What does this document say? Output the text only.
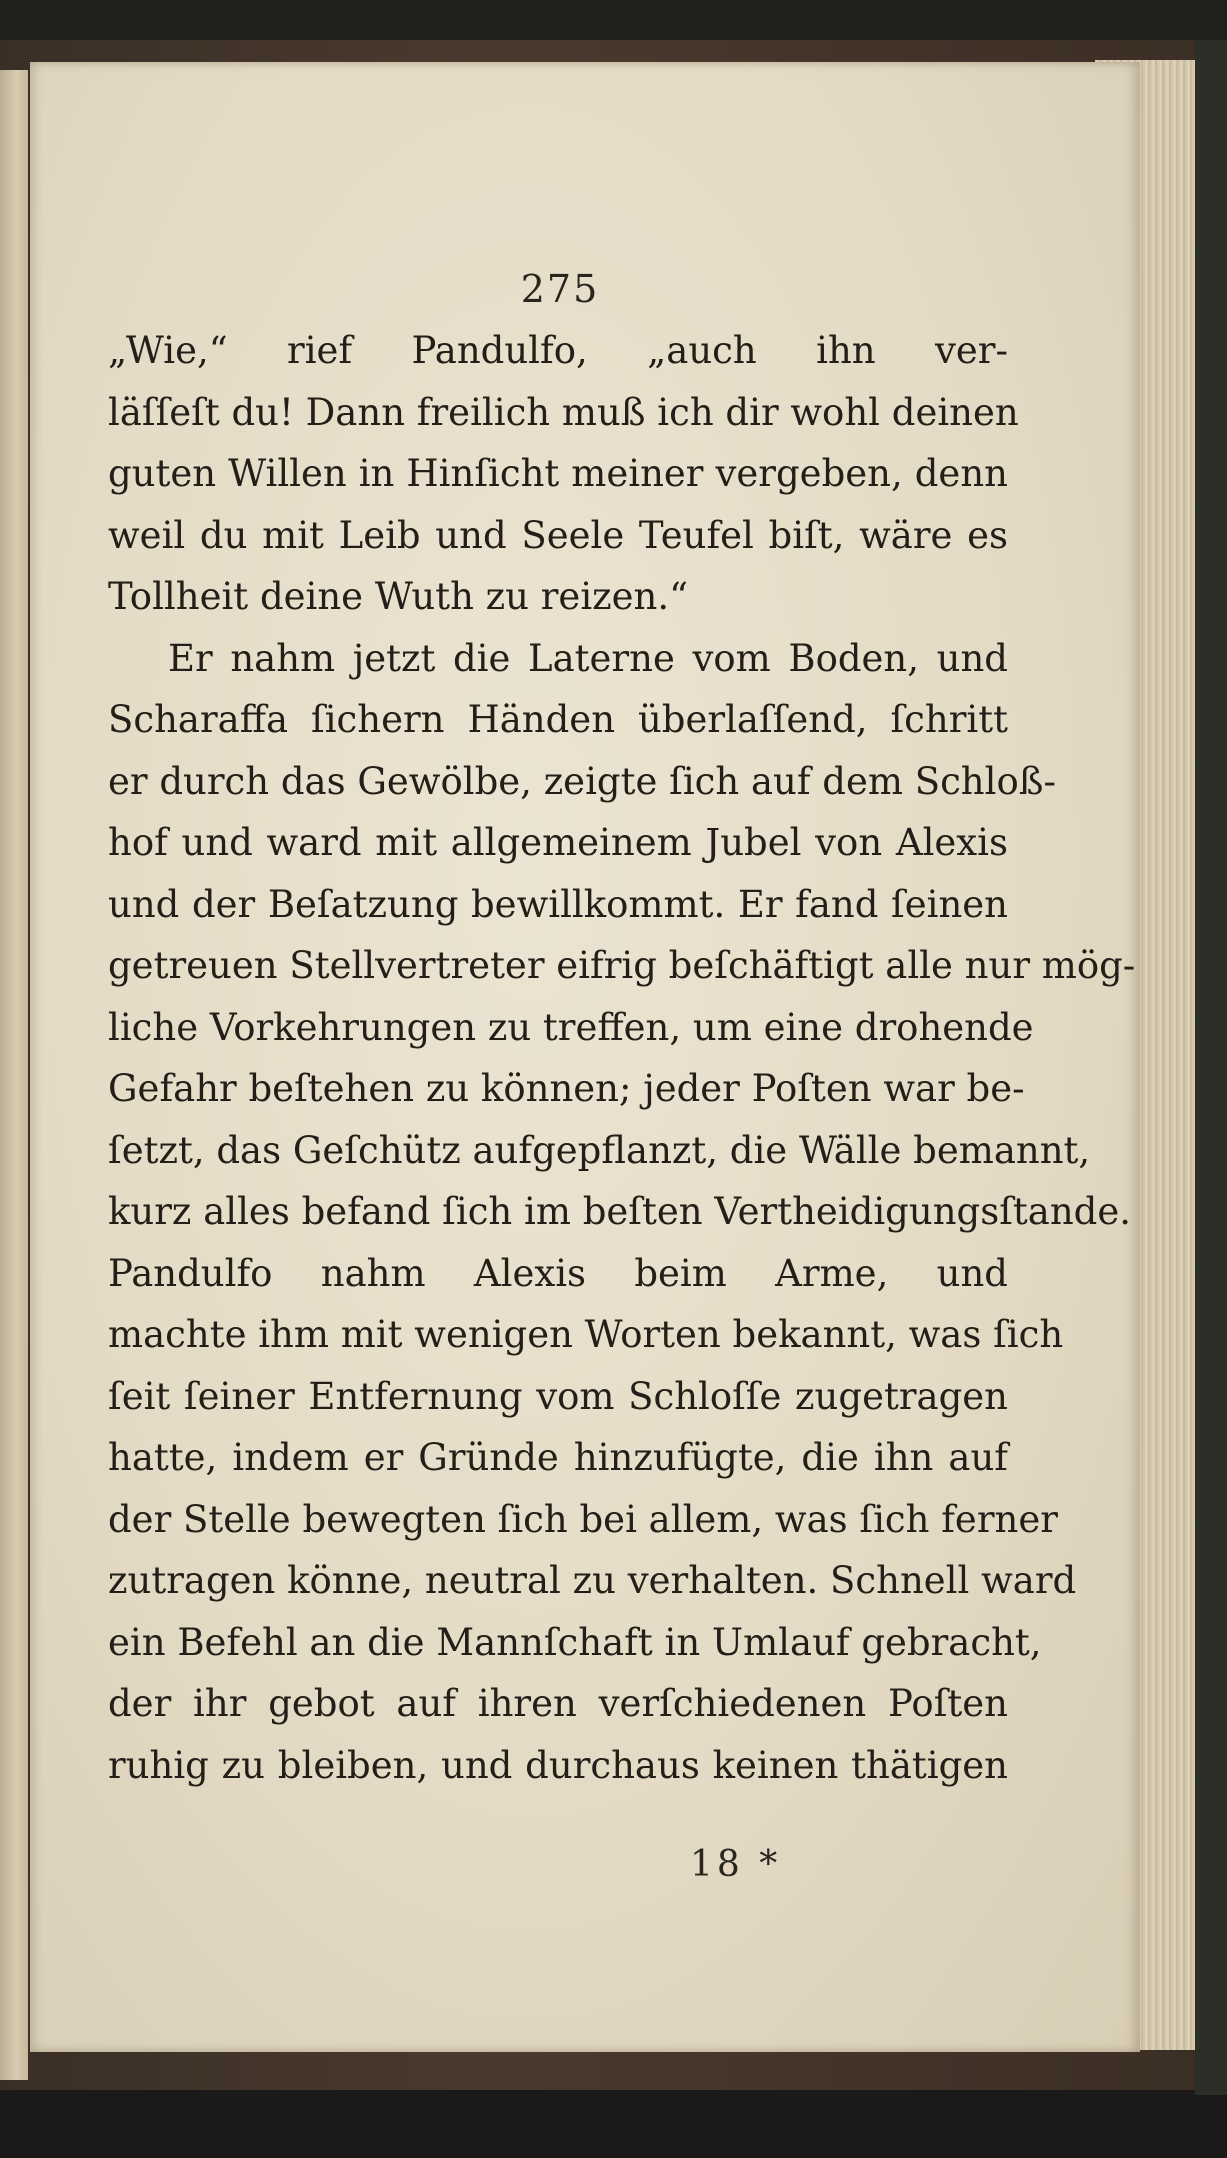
275
„Wie,“ rief Pandulfo, „auch ihn ver-
läſſeſt du! Dann freilich muß ich dir wohl deinen
guten Willen in Hinſicht meiner vergeben, denn
weil du mit Leib und Seele Teufel biſt, wäre es
Tollheit deine Wuth zu reizen.“
Er nahm jetzt die Laterne vom Boden, und
Scharaffa ſichern Händen überlaſſend, ſchritt
er durch das Gewölbe, zeigte ſich auf dem Schloß-
hof und ward mit allgemeinem Jubel von Alexis
und der Beſatzung bewillkommt. Er fand ſeinen
getreuen Stellvertreter eifrig beſchäftigt alle nur mög-
liche Vorkehrungen zu treffen, um eine drohende
Gefahr beſtehen zu können; jeder Poſten war be-
ſetzt, das Geſchütz aufgepflanzt, die Wälle bemannt,
kurz alles befand ſich im beſten Vertheidigungsſtande.
Pandulfo nahm Alexis beim Arme, und
machte ihm mit wenigen Worten bekannt, was ſich
ſeit ſeiner Entfernung vom Schloſſe zugetragen
hatte, indem er Gründe hinzufügte, die ihn auf
der Stelle bewegten ſich bei allem, was ſich ferner
zutragen könne, neutral zu verhalten. Schnell ward
ein Befehl an die Mannſchaft in Umlauf gebracht,
der ihr gebot auf ihren verſchiedenen Poſten
ruhig zu bleiben, und durchaus keinen thätigen
18 *
